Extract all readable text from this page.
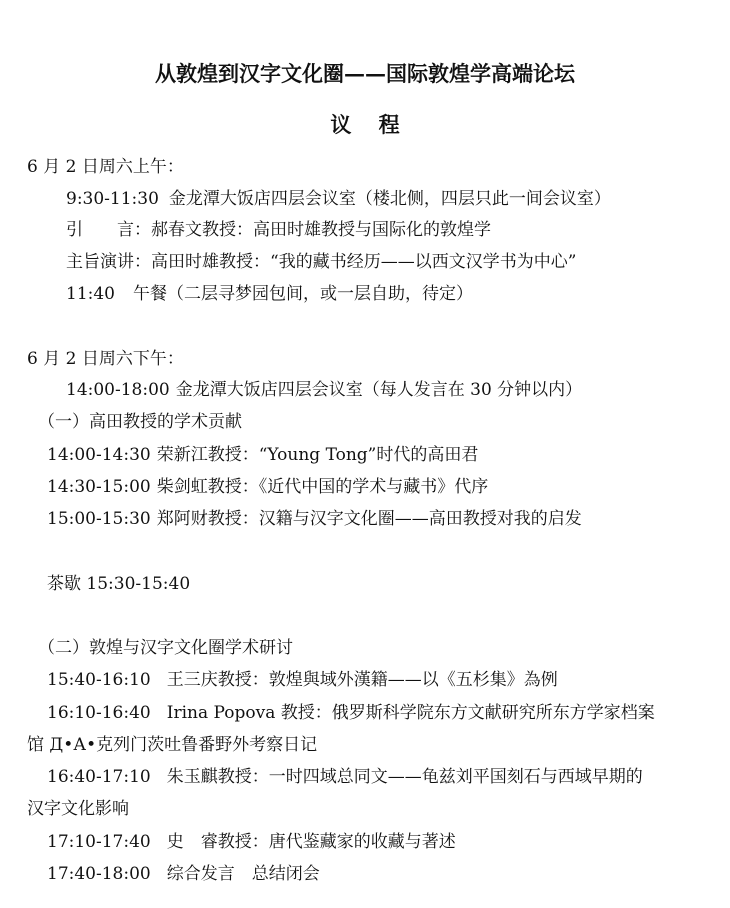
从敦煌到汉字文化圈——国际敦煌学高端论坛
议 程
6 月 2 日周六上午：
9:30-11:30 金龙潭大饭店四层会议室（楼北侧，四层只此一间会议室）
引　　言：郝春文教授：高田时雄教授与国际化的敦煌学
主旨演讲：高田时雄教授：“我的藏书经历——以西文汉学书为中心”
11:40 午餐（二层寻梦园包间，或一层自助，待定）
6 月 2 日周六下午：
14:00-18:00 金龙潭大饭店四层会议室（每人发言在 30 分钟以内）
（一）高田教授的学术贡献
14:00-14:30 荣新江教授：“Young Tong”时代的高田君
14:30-15:00 柴剑虹教授：《近代中国的学术与藏书》代序
15:00-15:30 郑阿财教授：汉籍与汉字文化圈——高田教授对我的启发
茶歇 15:30-15:40
（二）敦煌与汉字文化圈学术研讨
15:40-16:10 王三庆教授：敦煌與域外漢籍——以《五杉集》為例
16:10-16:40 Irina Popova 教授：俄罗斯科学院东方文献研究所东方学家档案
馆 Д•А•克列门茨吐鲁番野外考察日记
16:40-17:10 朱玉麒教授：一时四域总同文——龟兹刘平国刻石与西域早期的
汉字文化影响
17:10-17:40 史　睿教授：唐代鉴藏家的收藏与著述
17:40-18:00 综合发言　总结闭会
